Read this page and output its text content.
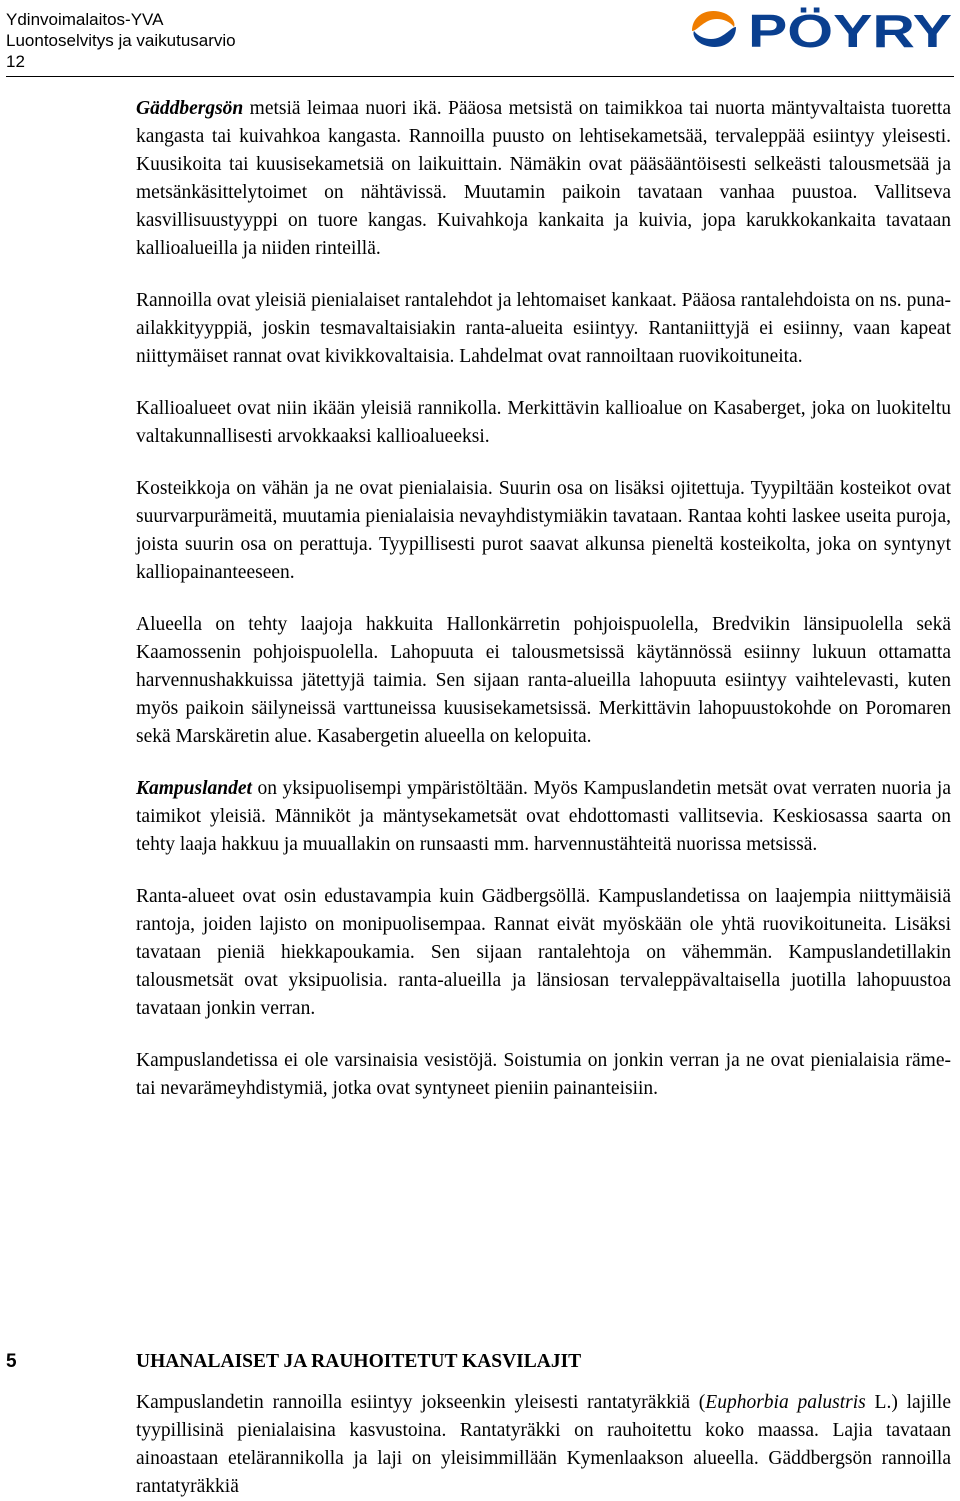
Ydinvoimalaitos-YVA
Luontoselvitys ja vaikutusarvio
12
PÖYRY

Gäddbergsön metsiä leimaa nuori ikä. Pääosa metsistä on taimikkoa tai nuorta mäntyvaltaista tuoretta kangasta tai kuivahkoa kangasta. Rannoilla puusto on lehtisekametsää, tervaleppää esiintyy yleisesti. Kuusikoita tai kuusisekametsiä on laikuittain. Nämäkin ovat pääsääntöisesti selkeästi talousmetsää ja metsänkäsittelytoimet on nähtävissä. Muutamin paikoin tavataan vanhaa puustoa. Vallitseva kasvillisuustyyppi on tuore kangas. Kuivahkoja kankaita ja kuivia, jopa karukkokankaita tavataan kallioalueilla ja niiden rinteillä.

Rannoilla ovat yleisiä pienialaiset rantalehdot ja lehtomaiset kankaat. Pääosa rantalehdoista on ns. puna-ailakkityyppiä, joskin tesmavaltaisiakin ranta-alueita esiintyy. Rantaniittyjä ei esiinny, vaan kapeat niittymäiset rannat ovat kivikkovaltaisia. Lahdelmat ovat rannoiltaan ruovikoituneita.

Kallioalueet ovat niin ikään yleisiä rannikolla. Merkittävin kallioalue on Kasaberget, joka on luokiteltu valtakunnallisesti arvokkaaksi kallioalueeksi.

Kosteikkoja on vähän ja ne ovat pienialaisia. Suurin osa on lisäksi ojitettuja. Tyypiltään kosteikot ovat suurvarpurämeitä, muutamia pienialaisia nevayhdistymiäkin tavataan. Rantaa kohti laskee useita puroja, joista suurin osa on perattuja. Tyypillisesti purot saavat alkunsa pieneltä kosteikolta, joka on syntynyt kalliopainanteeseen.

Alueella on tehty laajoja hakkuita Hallonkärretin pohjoispuolella, Bredvikin länsipuolella sekä Kaamossenin pohjoispuolella. Lahopuuta ei talousmetsissä käytännössä esiinny lukuun ottamatta harvennushakkuissa jätettyjä taimia. Sen sijaan ranta-alueilla lahopuuta esiintyy vaihtelevasti, kuten myös paikoin säilyneissä varttuneissa kuusisekametsissä. Merkittävin lahopuustokohde on Poromaren sekä Marskäretin alue. Kasabergetin alueella on kelopuita.

Kampuslandet on yksipuolisempi ympäristöltään. Myös Kampuslandetin metsät ovat verraten nuoria ja taimikot yleisiä. Männiköt ja mäntysekametsät ovat ehdottomasti vallitsevia. Keskiosassa saarta on tehty laaja hakkuu ja muuallakin on runsaasti mm. harvennustähteitä nuorissa metsissä.

Ranta-alueet ovat osin edustavampia kuin Gädbergsöllä. Kampuslandetissa on laajempia niittymäisiä rantoja, joiden lajisto on monipuolisempaa. Rannat eivät myöskään ole yhtä ruovikoituneita. Lisäksi tavataan pieniä hiekkapoukamia. Sen sijaan rantalehtoja on vähemmän. Kampuslandetillakin talousmetsät ovat yksipuolisia. ranta-alueilla ja länsiosan tervaleppävaltaisella juotilla lahopuustoa tavataan jonkin verran.

Kampuslandetissa ei ole varsinaisia vesistöjä. Soistumia on jonkin verran ja ne ovat pienialaisia räme- tai nevarämeyhdistymiä, jotka ovat syntyneet pieniin painanteisiin.

5	UHANALAISET JA RAUHOITETUT KASVILAJIT

Kampuslandetin rannoilla esiintyy jokseenkin yleisesti rantatyräkkiä (Euphorbia palustris L.) lajille tyypillisinä pienialaisina kasvustoina. Rantatyräkki on rauhoitettu koko maassa. Lajia tavataan ainoastaan etelärannikolla ja laji on yleisimmillään Kymenlaakson alueella. Gäddbergsön rannoilla rantatyräkkiä
